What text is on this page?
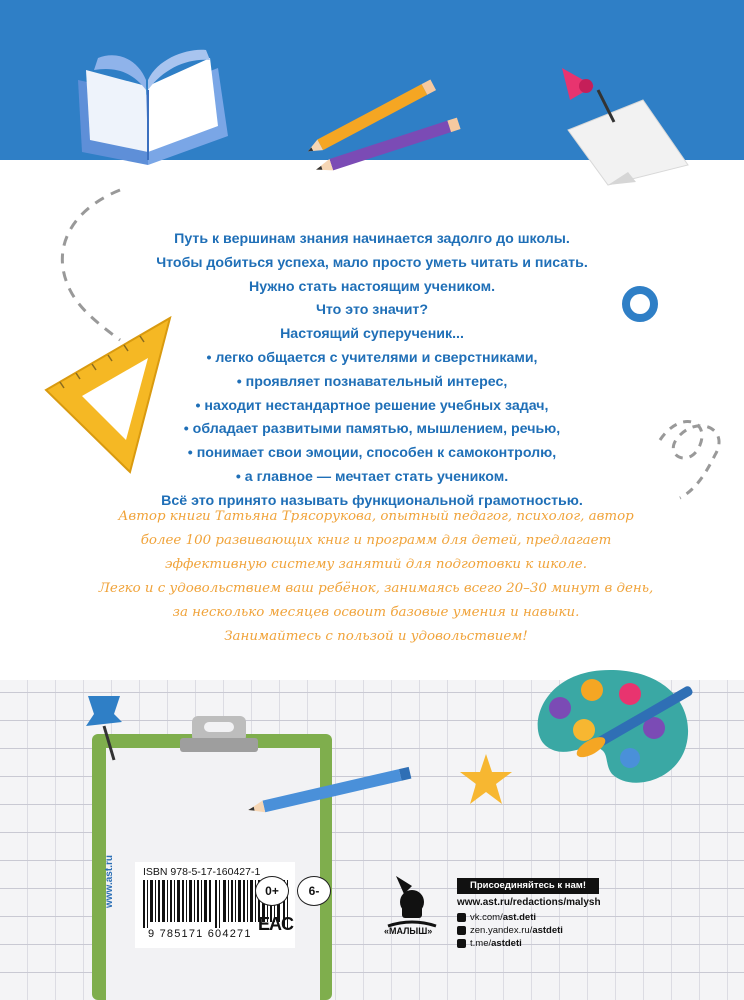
Путь к вершинам знания начинается задолго до школы.
Чтобы добиться успеха, мало просто уметь читать и писать.
Нужно стать настоящим учеником.
Что это значит?
Настоящий суперученик...
• легко общается с учителями и сверстниками,
• проявляет познавательный интерес,
• находит нестандартное решение учебных задач,
• обладает развитыми памятью, мышлением, речью,
• понимает свои эмоции, способен к самоконтролю,
• а главное — мечтает стать учеником.
Всё это принято называть функциональной грамотностью.
Автор книги Татьяна Трясорукова, опытный педагог, психолог, автор
более 100 развивающих книг и программ для детей, предлагает
эффективную систему занятий для подготовки к школе.
Легко и с удовольствием ваш ребёнок, занимаясь всего 20–30 минут в день,
за несколько месяцев освоит базовые умения и навыки.
Занимайтесь с пользой и удовольствием!
ISBN 978-5-17-160427-1
9 785171 604271
0+	6-
EAC
www.ast.ru
«МАЛЫШ»
Присоединяйтесь к нам!
www.ast.ru/redactions/malysh
vk.com/ast.deti
zen.yandex.ru/astdeti
t.me/astdeti
